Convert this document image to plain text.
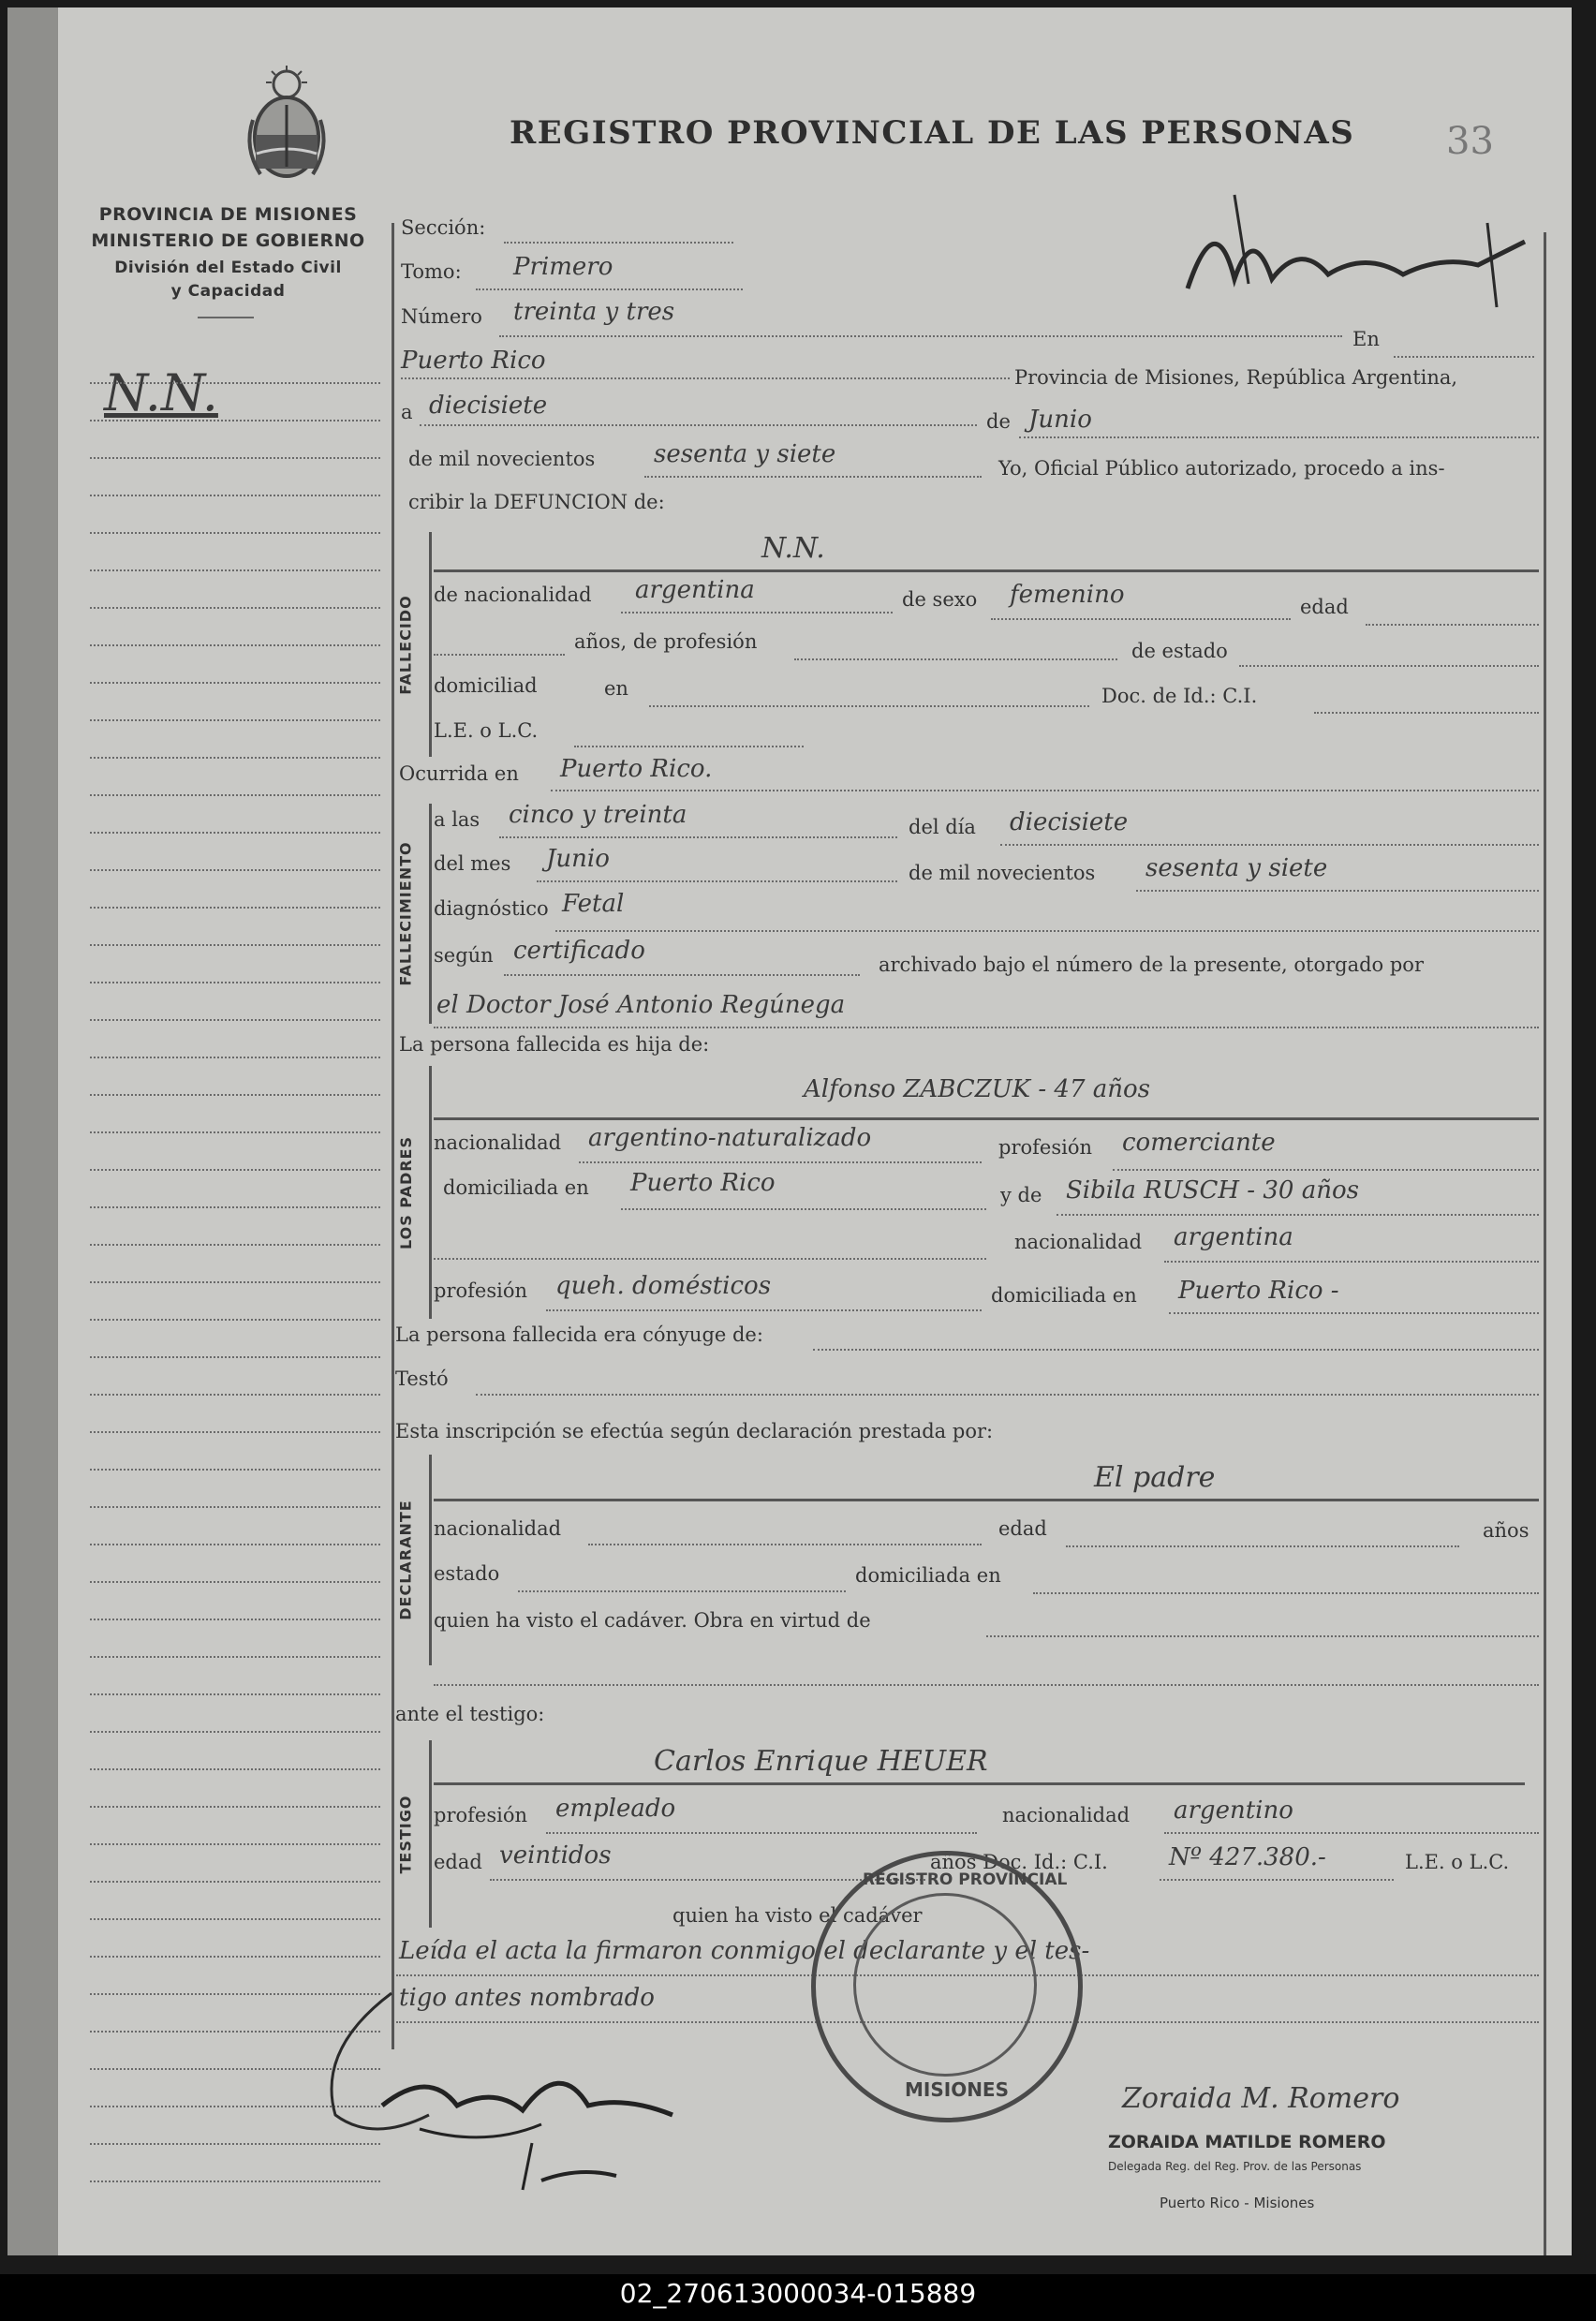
PROVINCIA DE MISIONES
MINISTERIO DE GOBIERNO
División del Estado Civil
y Capacidad
N.N.
REGISTRO PROVINCIAL DE LAS PERSONAS 33
Sección:
Tomo: Primero
Número treinta y tres
En
Puerto Rico
Provincia de Misiones, República Argentina,
a diecisiete
de Junio
de mil novecientos sesenta y siete	Yo, Oficial Público autorizado, procedo a ins-
cribir la DEFUNCION de:
FALLECIDO
N.N.
de nacionalidad argentina	de sexo femenino	edad
años, de profesión	de estado
domiciliad	en	Doc. de Id.: C.I.
L.E. o L.C.
Ocurrida en Puerto Rico.
FALLECIMIENTO
a las cinco y treinta	del día diecisiete
del mes Junio	de mil novecientos sesenta y siete
diagnóstico Fetal
según certificado	archivado bajo el número de la presente, otorgado por
el Doctor José Antonio Regúnega
La persona fallecida es hija de:
LOS PADRES
Alfonso ZABCZUK - 47 años
nacionalidad argentino-naturalizado	profesión comerciante
domiciliada en Puerto Rico	y de Sibila RUSCH - 30 años
nacionalidad argentina
profesión queh. domésticos	domiciliada en Puerto Rico -
La persona fallecida era cónyuge de:
Testó
Esta inscripción se efectúa según declaración prestada por:
DECLARANTE
El padre
nacionalidad	edad	años
estado	domiciliada en
quien ha visto el cadáver. Obra en virtud de
ante el testigo:
TESTIGO
Carlos Enrique HEUER
profesión empleado	nacionalidad argentino
edad veintidos	años Doc. Id.: C.I.	Nº 427.380.-	L.E. o L.C.
quien ha visto el cadáver
Leída el acta la firmaron conmigo el declarante y el tes-
tigo antes nombrado
REGISTRO PROVINCIAL
MISIONES	Zoraida M. Romero
ZORAIDA MATILDE ROMERO
Delegada Reg. del Reg. Prov. de las Personas
Puerto Rico - Misiones
02_270613000034-015889
